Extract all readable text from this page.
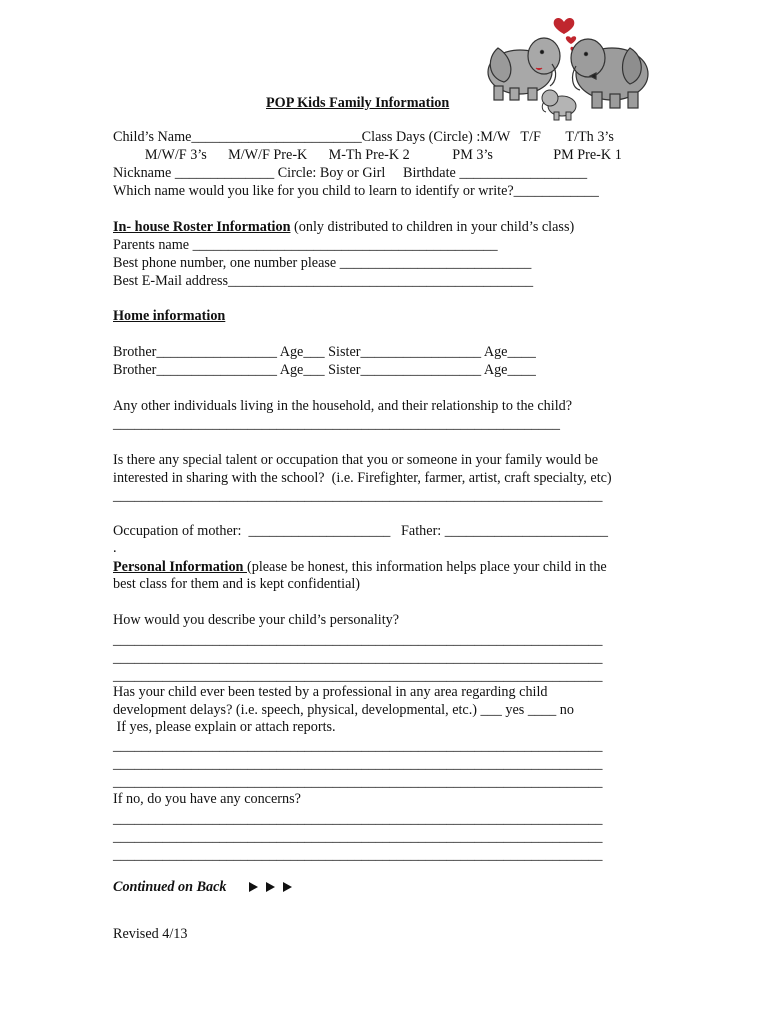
POP Kids Family Information
Child’s Name________________________Class Days (Circle) :M/W   T/F       T/Th 3’s
M/W/F 3’s      M/W/F Pre-K      M-Th Pre-K 2            PM 3’s                 PM Pre-K 1
Nickname ______________ Circle: Boy or Girl     Birthdate __________________
Which name would you like for you child to learn to identify or write?____________
In- house Roster Information (only distributed to children in your child’s class)
Parents name ___________________________________________
Best phone number, one number please ___________________________
Best E-Mail address___________________________________________
Home information
Brother_________________ Age___ Sister_________________ Age____
Brother_________________ Age___ Sister_________________ Age____
Any other individuals living in the household, and their relationship to the child?
_______________________________________________________________
Is there any special talent or occupation that you or someone in your family would be
interested in sharing with the school?  (i.e. Firefighter, farmer, artist, craft specialty, etc)
_____________________________________________________________________
Occupation of mother:  ____________________   Father: _______________________
.
Personal Information (please be honest, this information helps place your child in the
best class for them and is kept confidential)
How would you describe your child’s personality?
_____________________________________________________________________
_____________________________________________________________________
_____________________________________________________________________
Has your child ever been tested by a professional in any area regarding child
development delays? (i.e. speech, physical, developmental, etc.) ___ yes ____ no
If yes, please explain or attach reports.
_____________________________________________________________________
_____________________________________________________________________
_____________________________________________________________________
If no, do you have any concerns?
_____________________________________________________________________
_____________________________________________________________________
_____________________________________________________________________
Continued on Back
Revised 4/13
